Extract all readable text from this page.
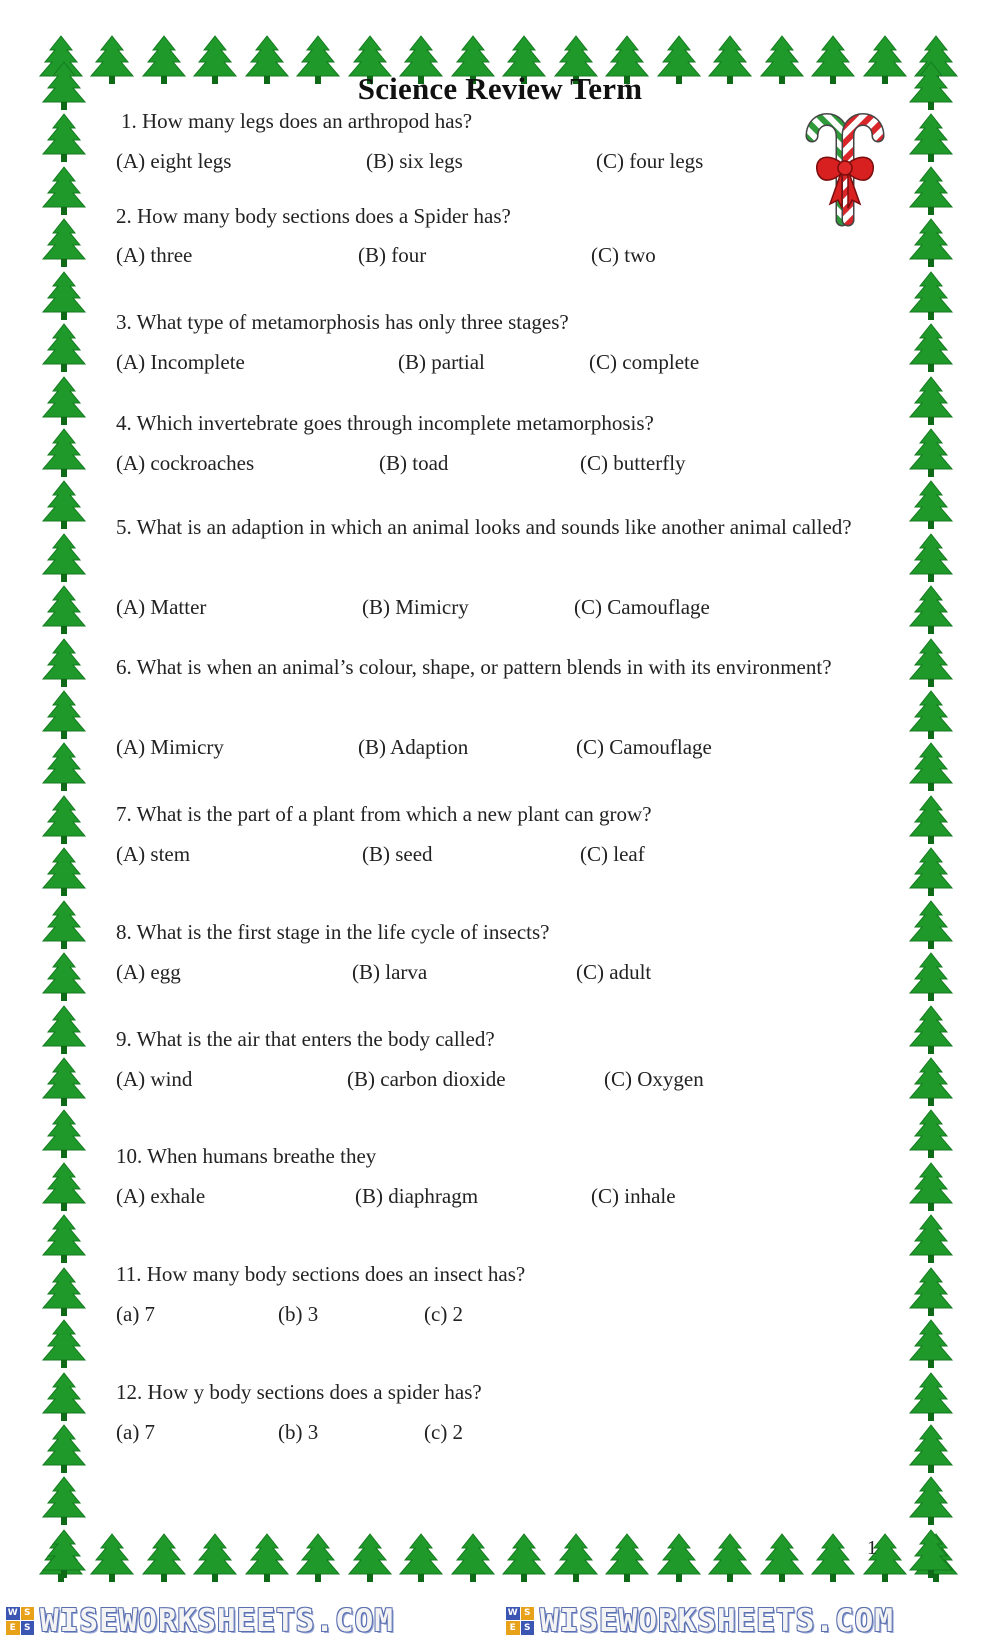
Science Review Term
1. How many legs does an arthropod has?
(A) eight legs	(B) six legs	(C) four legs
2. How many body sections does a Spider has?
(A) three	(B) four	(C) two
3. What type of metamorphosis has only three stages?
(A) Incomplete	(B) partial	(C) complete
4. Which invertebrate goes through incomplete metamorphosis?
(A) cockroaches	(B) toad	(C) butterfly
5. What is an adaption in which an animal looks and sounds like another animal called?
(A) Matter	(B) Mimicry	(C) Camouflage
6. What is when an animal’s colour, shape, or pattern blends in with its environment?
(A) Mimicry	(B) Adaption	(C) Camouflage
7. What is the part of a plant from which a new plant can grow?
(A) stem	(B) seed	(C) leaf
8. What is the first stage in the life cycle of insects?
(A) egg	(B) larva	(C) adult
9. What is the air that enters the body called?
(A) wind	(B) carbon dioxide	(C) Oxygen
10. When humans breathe they
(A) exhale	(B) diaphragm	(C) inhale
11. How many body sections does an insect has?
(a) 7	(b) 3	(c) 2
12. How y body sections does a spider has?
(a) 7	(b) 3	(c) 2
1
W S
E S WISEWORKSHEETS.COM	W S
E S WISEWORKSHEETS.COM
